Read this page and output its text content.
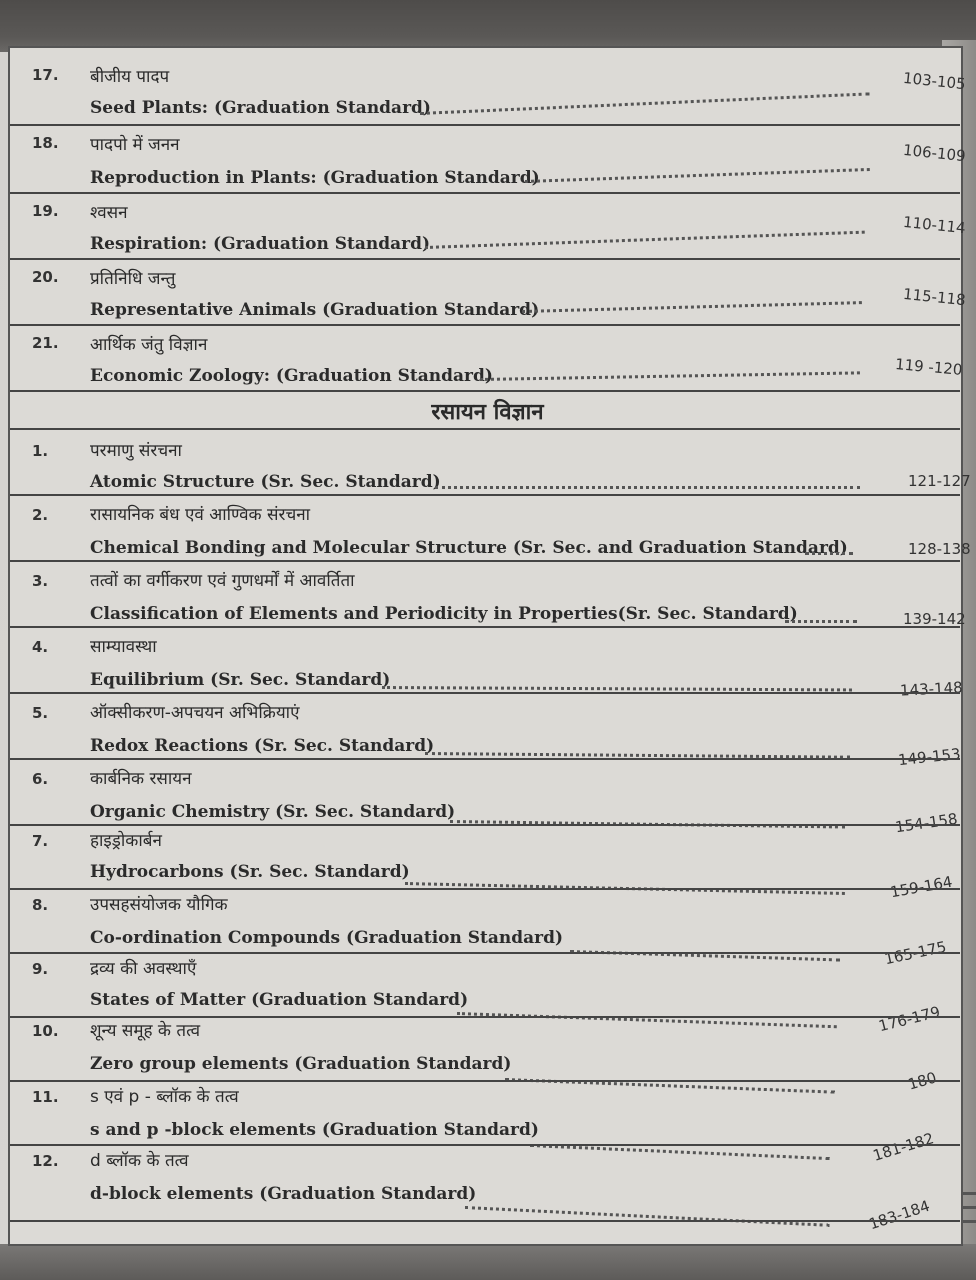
17. बीजीय पादप
Seed Plants: (Graduation Standard)
103-105
18. पादपो में जनन
Reproduction in Plants: (Graduation Standard)
106-109
19. श्वसन
Respiration: (Graduation Standard)
110-114
20. प्रतिनिधि जन्तु
Representative Animals (Graduation Standard)
115-118
21. आर्थिक जंतु विज्ञान
Economic Zoology: (Graduation Standard)	119 -120
रसायन विज्ञान
1. परमाणु संरचना
Atomic Structure (Sr. Sec. Standard)	121-127
2. रासायनिक बंध एवं आण्विक संरचना
Chemical Bonding and Molecular Structure (Sr. Sec. and Graduation Standard)	128-138
3. तत्वों का वर्गीकरण एवं गुणधर्मों में आवर्तिता
Classification of Elements and Periodicity in Properties(Sr. Sec. Standard)	139-142
4. साम्यावस्था
Equilibrium (Sr. Sec. Standard)	143-148
5. ऑक्सीकरण-अपचयन अभिक्रियाएं
Redox Reactions (Sr. Sec. Standard)	149-153
6. कार्बनिक रसायन
Organic Chemistry (Sr. Sec. Standard)	154-158
7. हाइड्रोकार्बन
Hydrocarbons (Sr. Sec. Standard)
159-164
8. उपसहसंयोजक यौगिक
Co-ordination Compounds (Graduation Standard)	165-175
9. द्रव्य की अवस्थाएँ
States of Matter (Graduation Standard)
176-179
10. शून्य समूह के तत्व
Zero group elements (Graduation Standard)
180
11. s एवं p - ब्लॉक के तत्व
s and p -block elements (Graduation Standard)	181-182
12. d ब्लॉक के तत्व
d-block elements (Graduation Standard)
183-184
